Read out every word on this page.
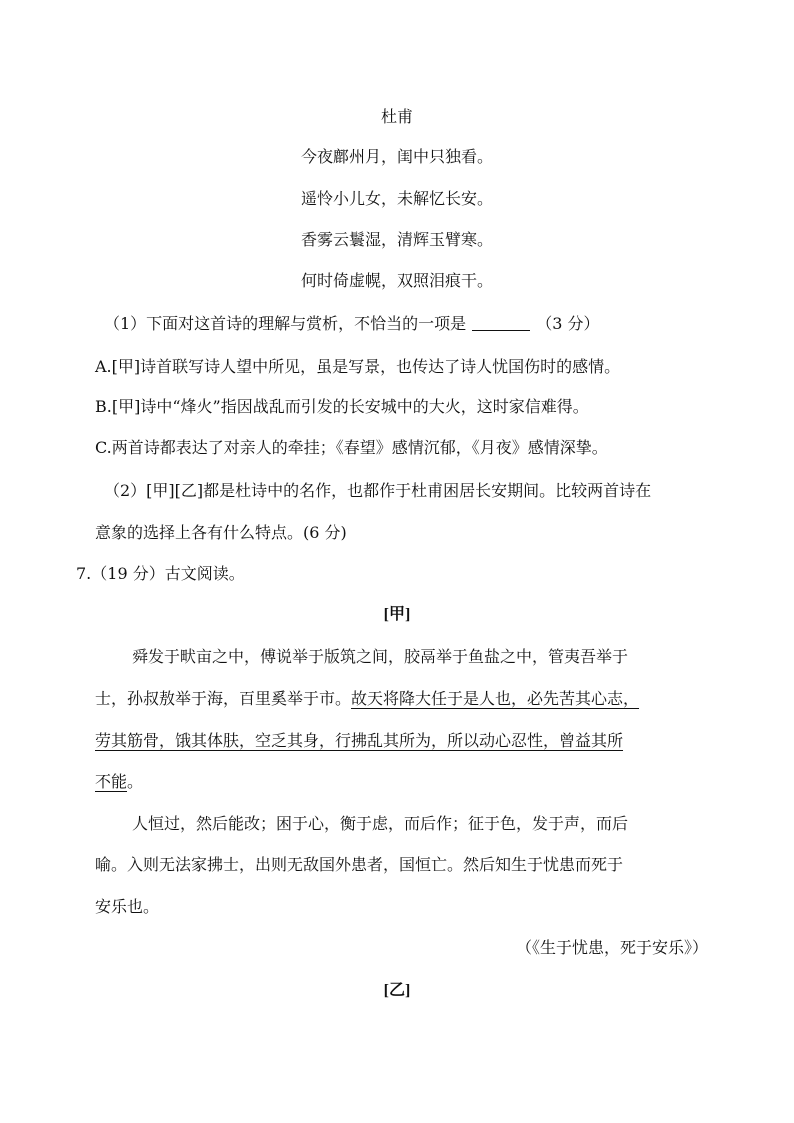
杜甫
今夜鄜州月，闺中只独看。
遥怜小儿女，未解忆长安。
香雾云鬟湿，清辉玉臂寒。
何时倚虚幌，双照泪痕干。
（1）下面对这首诗的理解与赏析，不恰当的一项是	（3 分）
A.[甲]诗首联写诗人望中所见，虽是写景，也传达了诗人忧国伤时的感情。
B.[甲]诗中“烽火”指因战乱而引发的长安城中的大火，这时家信难得。
C.两首诗都表达了对亲人的牵挂；《春望》感情沉郁，《月夜》感情深挚。
（2）[甲][乙]都是杜诗中的名作，也都作于杜甫困居长安期间。比较两首诗在
意象的选择上各有什么特点。(6 分)
7.（19 分）古文阅读。
[甲]
舜发于畎亩之中，傅说举于版筑之间，胶鬲举于鱼盐之中，管夷吾举于
士，孙叔敖举于海，百里奚举于市。故天将降大任于是人也，必先苦其心志，
劳其筋骨，饿其体肤，空乏其身，行拂乱其所为，所以动心忍性，曾益其所
不能。
人恒过，然后能改；困于心，衡于虑，而后作；征于色，发于声，而后
喻。入则无法家拂士，出则无敌国外患者，国恒亡。然后知生于忧患而死于
安乐也。
（《生于忧患，死于安乐》）
[乙]
